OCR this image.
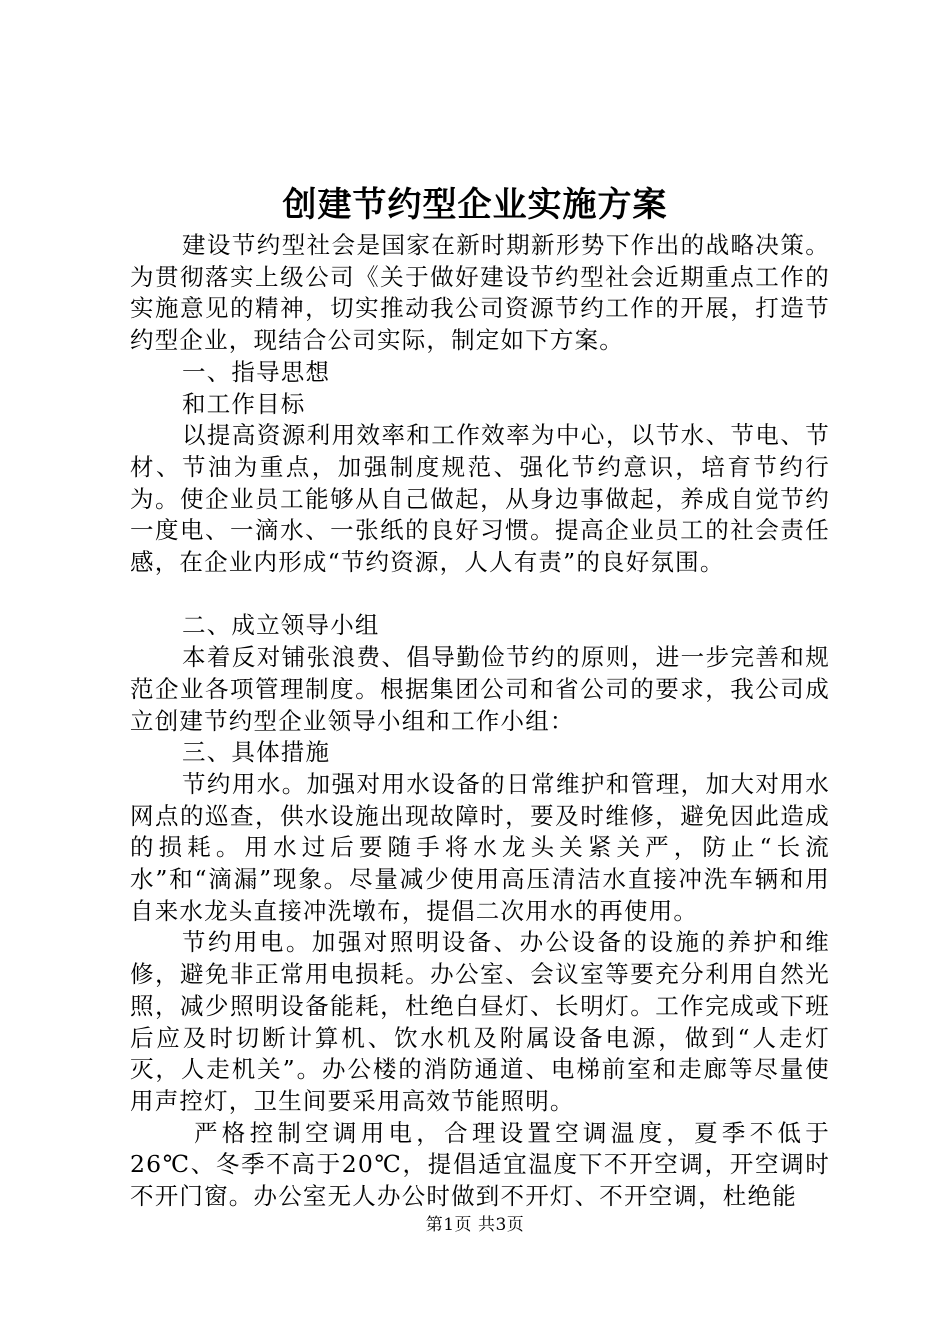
创建节约型企业实施方案

建设节约型社会是国家在新时期新形势下作出的战略决策。为贯彻落实上级公司《关于做好建设节约型社会近期重点工作的实施意见的精神，切实推动我公司资源节约工作的开展，打造节约型企业，现结合公司实际，制定如下方案。

一、指导思想

和工作目标

以提高资源利用效率和工作效率为中心，以节水、节电、节材、节油为重点，加强制度规范、强化节约意识，培育节约行为。使企业员工能够从自己做起，从身边事做起，养成自觉节约一度电、一滴水、一张纸的良好习惯。提高企业员工的社会责任感，在企业内形成“节约资源，人人有责”的良好氛围。

二、成立领导小组

本着反对铺张浪费、倡导勤俭节约的原则，进一步完善和规范企业各项管理制度。根据集团公司和省公司的要求，我公司成立创建节约型企业领导小组和工作小组：

三、具体措施

节约用水。加强对用水设备的日常维护和管理，加大对用水网点的巡查，供水设施出现故障时，要及时维修，避免因此造成的损耗。用水过后要随手将水龙头关紧关严，防止“长流水”和“滴漏”现象。尽量减少使用高压清洁水直接冲洗车辆和用自来水龙头直接冲洗墩布，提倡二次用水的再使用。

节约用电。加强对照明设备、办公设备的设施的养护和维修，避免非正常用电损耗。办公室、会议室等要充分利用自然光照，减少照明设备能耗，杜绝白昼灯、长明灯。工作完成或下班后应及时切断计算机、饮水机及附属设备电源，做到“人走灯灭，人走机关”。办公楼的消防通道、电梯前室和走廊等尽量使用声控灯，卫生间要采用高效节能照明。

严格控制空调用电，合理设置空调温度，夏季不低于26℃、冬季不高于20℃，提倡适宜温度下不开空调，开空调时不开门窗。办公室无人办公时做到不开灯、不开空调，杜绝能

第1页 共3页
